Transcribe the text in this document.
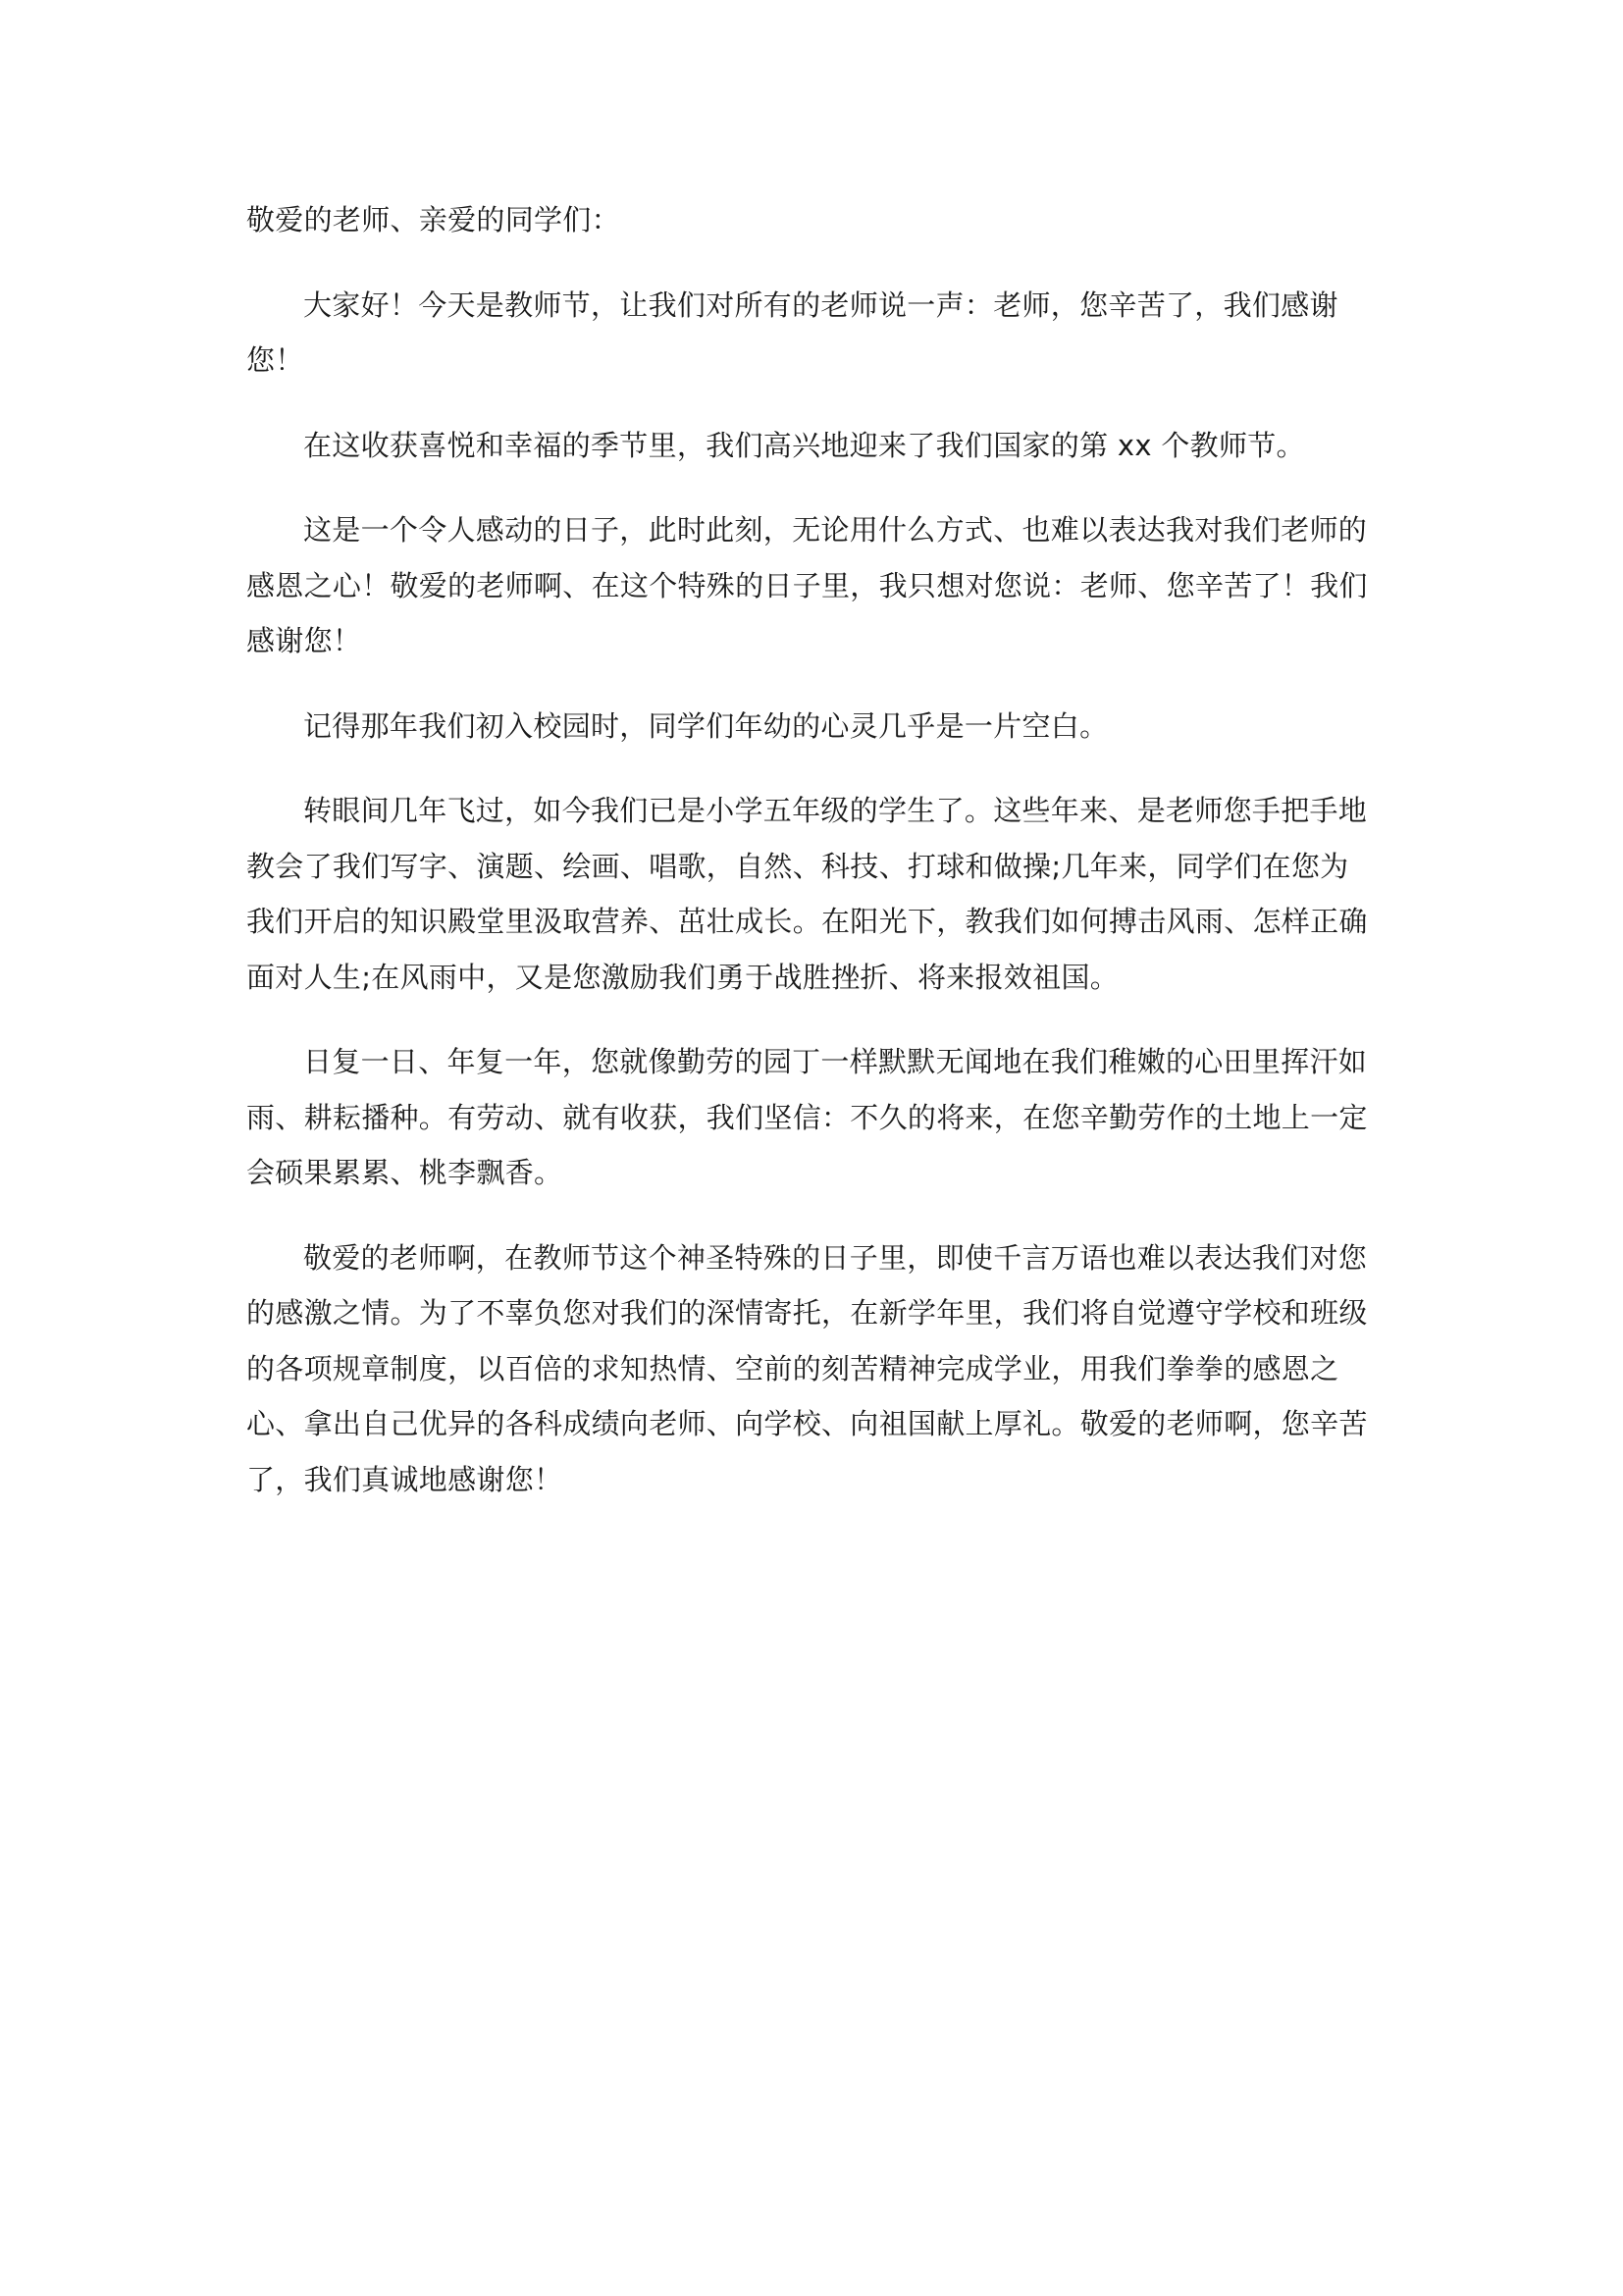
敬爱的老师、亲爱的同学们：

大家好！今天是教师节，让我们对所有的老师说一声：老师，您辛苦了，我们感谢您！

在这收获喜悦和幸福的季节里，我们高兴地迎来了我们国家的第 xx 个教师节。

这是一个令人感动的日子，此时此刻，无论用什么方式、也难以表达我对我们老师的感恩之心！敬爱的老师啊、在这个特殊的日子里，我只想对您说：老师、您辛苦了！我们感谢您！

记得那年我们初入校园时，同学们年幼的心灵几乎是一片空白。

转眼间几年飞过，如今我们已是小学五年级的学生了。这些年来、是老师您手把手地教会了我们写字、演题、绘画、唱歌，自然、科技、打球和做操;几年来，同学们在您为我们开启的知识殿堂里汲取营养、茁壮成长。在阳光下，教我们如何搏击风雨、怎样正确面对人生;在风雨中，又是您激励我们勇于战胜挫折、将来报效祖国。

日复一日、年复一年，您就像勤劳的园丁一样默默无闻地在我们稚嫩的心田里挥汗如雨、耕耘播种。有劳动、就有收获，我们坚信：不久的将来，在您辛勤劳作的土地上一定会硕果累累、桃李飘香。

敬爱的老师啊，在教师节这个神圣特殊的日子里，即使千言万语也难以表达我们对您的感激之情。为了不辜负您对我们的深情寄托，在新学年里，我们将自觉遵守学校和班级的各项规章制度，以百倍的求知热情、空前的刻苦精神完成学业，用我们拳拳的感恩之心、拿出自己优异的各科成绩向老师、向学校、向祖国献上厚礼。敬爱的老师啊，您辛苦了，我们真诚地感谢您！
